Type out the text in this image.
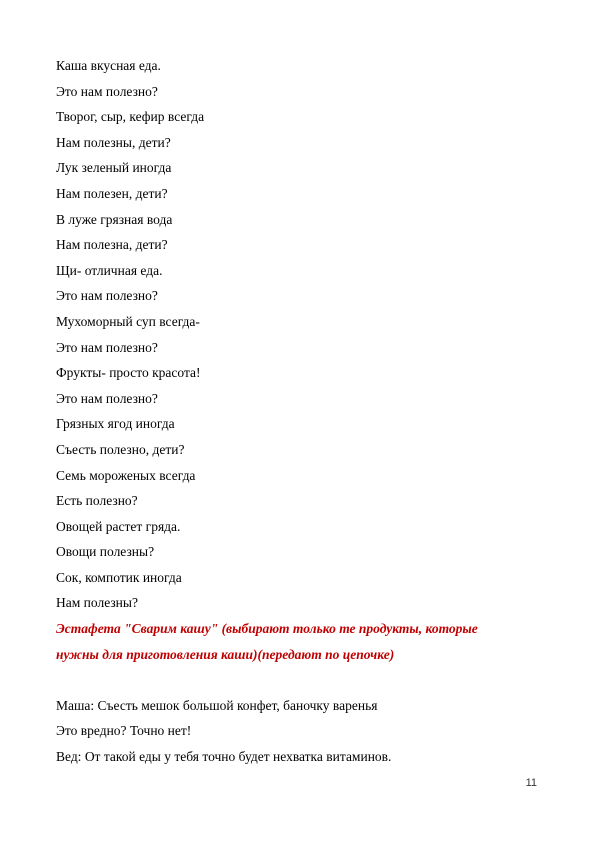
Каша вкусная еда.
Это нам полезно?
Творог, сыр, кефир всегда
Нам полезны, дети?
Лук зеленый иногда
Нам полезен, дети?
В луже грязная вода
Нам полезна, дети?
Щи- отличная еда.
Это нам полезно?
Мухоморный суп всегда-
Это нам полезно?
Фрукты- просто красота!
Это нам полезно?
Грязных ягод иногда
Съесть полезно, дети?
Семь мороженых всегда
Есть полезно?
Овощей растет гряда.
Овощи полезны?
Сок, компотик иногда
Нам полезны?
Эстафета "Сварим кашу" (выбирают только те продукты, которые
нужны для приготовления каши)(передают по цепочке)
Маша: Съесть мешок большой конфет, баночку варенья
Это вредно? Точно нет!
Вед: От такой еды у тебя точно будет нехватка витаминов.
11
